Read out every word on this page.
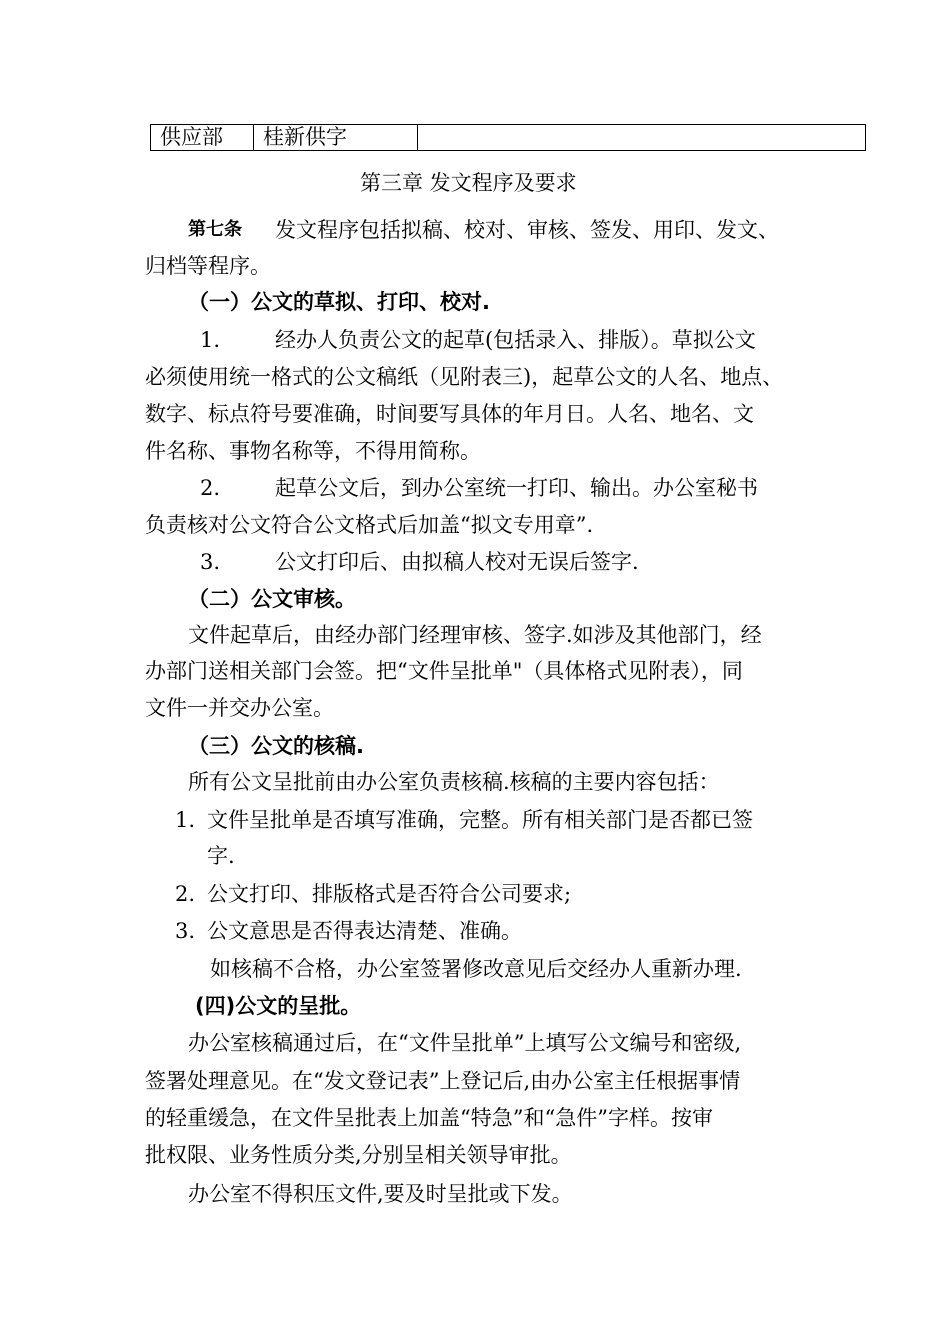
供应部	桂新供字	
第三章 发文程序及要求
第七条 发文程序包括拟稿、校对、审核、签发、用印、发文、
归档等程序。
（一）公文的草拟、打印、校对.
1.	经办人负责公文的起草(包括录入、排版）。草拟公文
必须使用统一格式的公文稿纸（见附表三)，起草公文的人名、地点、
数字、标点符号要准确，时间要写具体的年月日。人名、地名、文
件名称、事物名称等，不得用简称。
2.	起草公文后，到办公室统一打印、输出。办公室秘书
负责核对公文符合公文格式后加盖“拟文专用章”.
3.	公文打印后、由拟稿人校对无误后签字.
（二）公文审核。
文件起草后，由经办部门经理审核、签字.如涉及其他部门，经
办部门送相关部门会签。把“文件呈批单"（具体格式见附表），同
文件一并交办公室。
（三）公文的核稿.
所有公文呈批前由办公室负责核稿.核稿的主要内容包括：
1. 文件呈批单是否填写准确，完整。所有相关部门是否都已签
字.
2. 公文打印、排版格式是否符合公司要求;
3. 公文意思是否得表达清楚、准确。
如核稿不合格，办公室签署修改意见后交经办人重新办理.
(四)公文的呈批。
办公室核稿通过后，在“文件呈批单”上填写公文编号和密级,
签署处理意见。在“发文登记表”上登记后,由办公室主任根据事情
的轻重缓急，在文件呈批表上加盖“特急”和“急件”字样。按审
批权限、业务性质分类,分别呈相关领导审批。
办公室不得积压文件,要及时呈批或下发。
